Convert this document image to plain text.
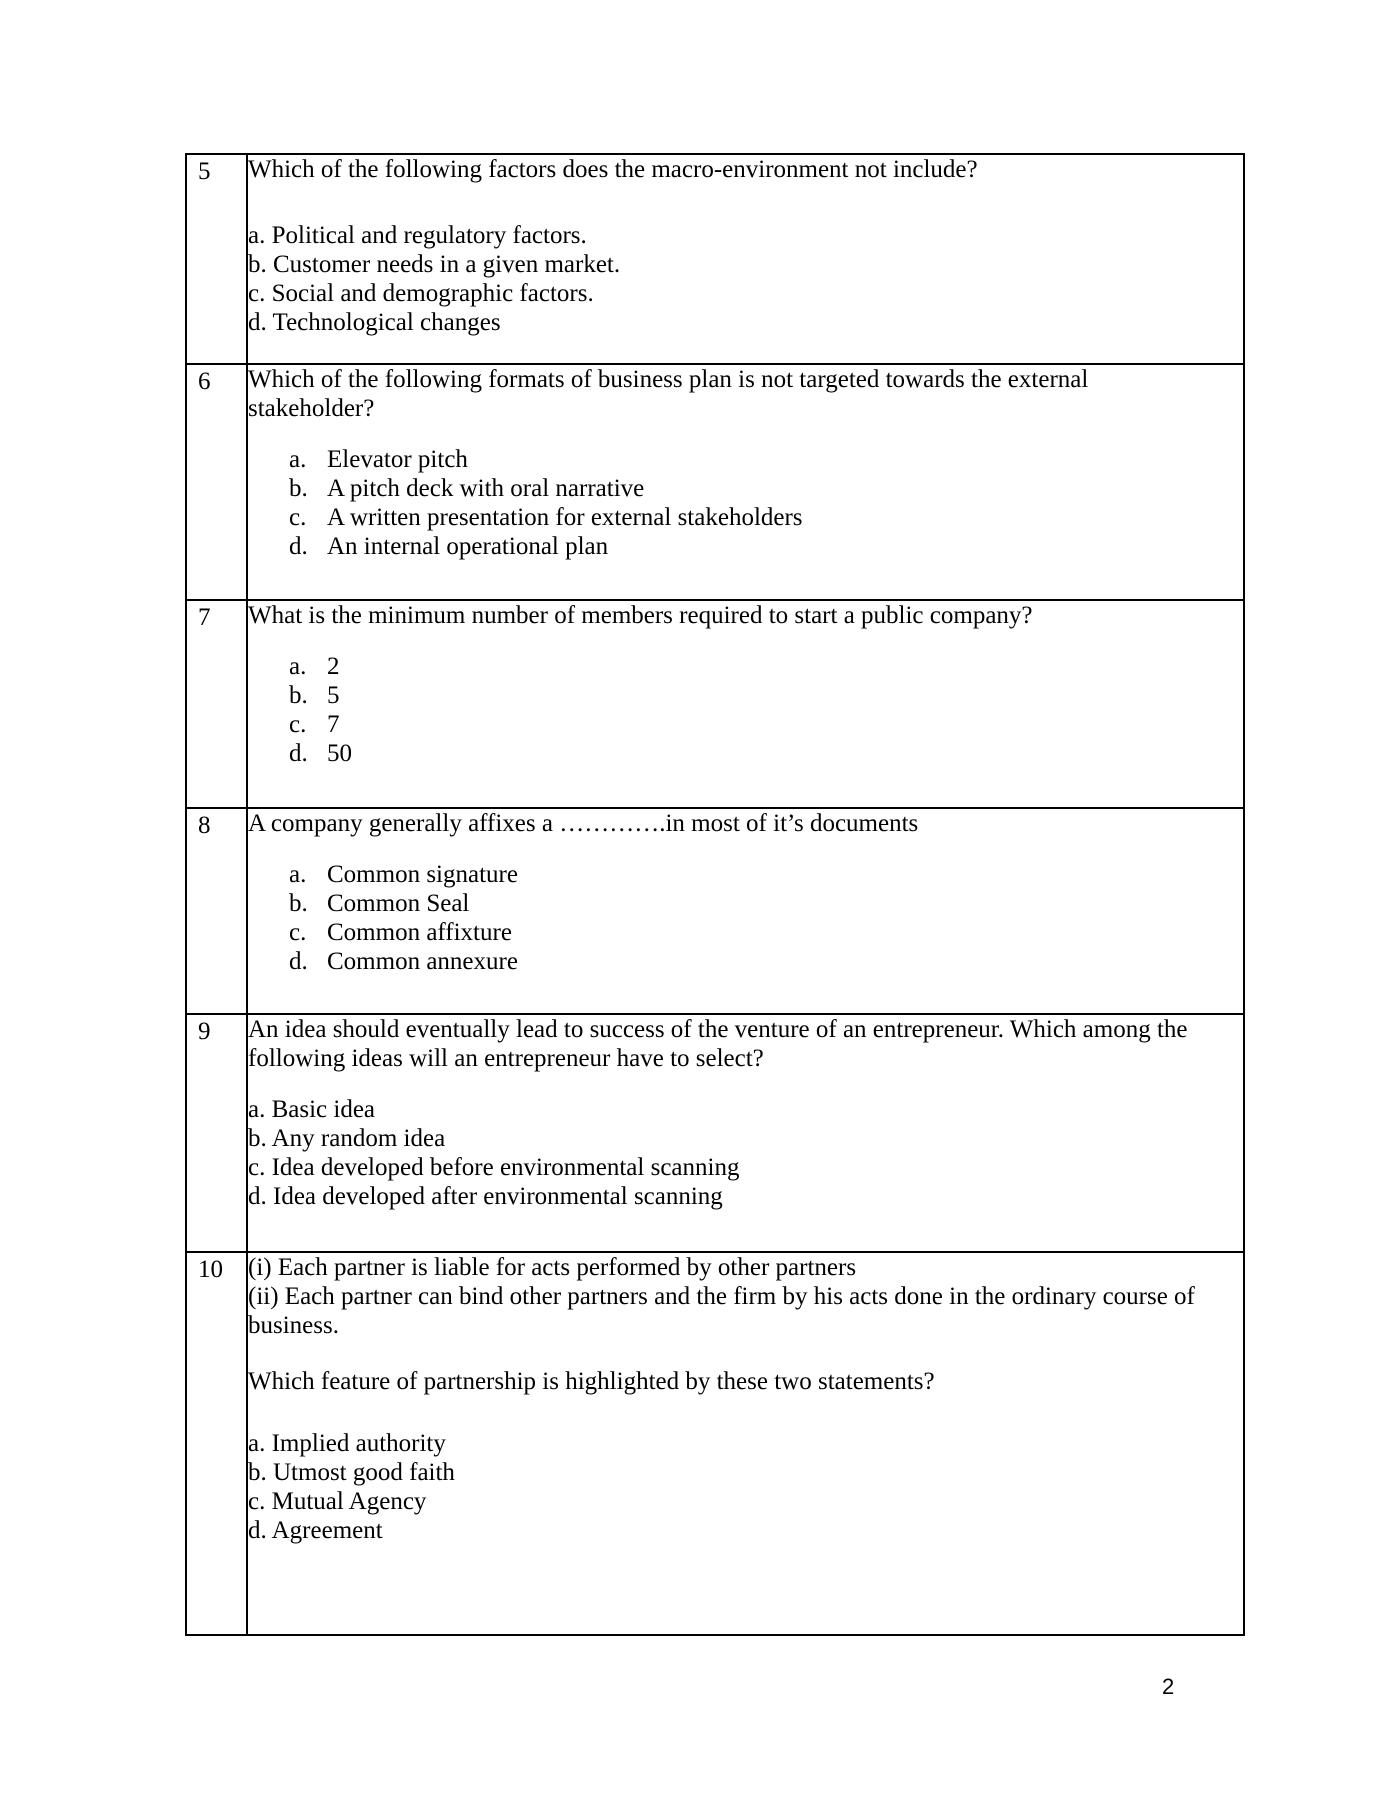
5	Which of the following factors does the macro-environment not include?
a. Political and regulatory factors.
b. Customer needs in a given market.
c. Social and demographic factors.
d. Technological changes

6	Which of the following formats of business plan is not targeted towards the external
stakeholder?
a. Elevator pitch
b. A pitch deck with oral narrative
c. A written presentation for external stakeholders
d. An internal operational plan

7	What is the minimum number of members required to start a public company?
a. 2
b. 5
c. 7
d. 50

8	A company generally affixes a ………….in most of it’s documents
a. Common signature
b. Common Seal
c. Common affixture
d. Common annexure

9	An idea should eventually lead to success of the venture of an entrepreneur. Which among the
following ideas will an entrepreneur have to select?
a. Basic idea
b. Any random idea
c. Idea developed before environmental scanning
d. Idea developed after environmental scanning

10	(i) Each partner is liable for acts performed by other partners
(ii) Each partner can bind other partners and the firm by his acts done in the ordinary course of
business.
Which feature of partnership is highlighted by these two statements?
a. Implied authority
b. Utmost good faith
c. Mutual Agency
d. Agreement
2
